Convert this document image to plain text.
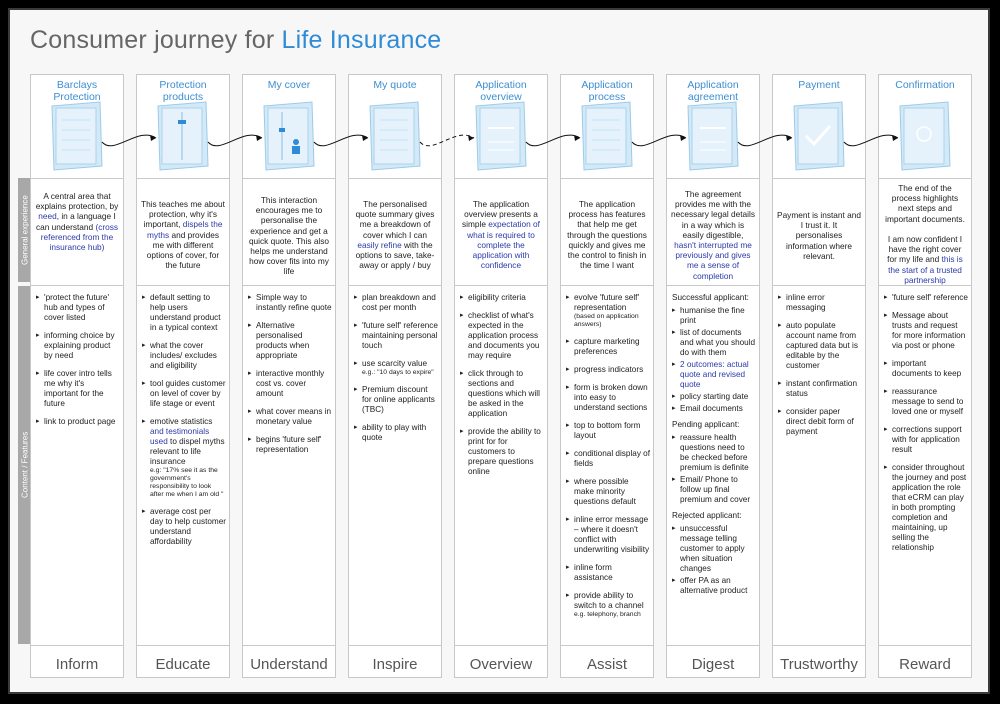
Consumer journey for Life Insurance
General experience
Content / Features
Barclays Protection
A central area that explains protection, by need, in a language I can understand (cross referenced from the insurance hub)
▸ 'protect the future' hub and types of cover listed
▸ informing choice by explaining product by need
▸ life cover intro tells me why it's important for the future
▸ link to product page
Inform
Protection products
This teaches me about protection, why it's important, dispels the myths and provides me with different options of cover, for the future
▸ default setting to help users understand product in a typical context
▸ what the cover includes/ excludes and eligibility
▸ tool guides customer on level of cover by life stage or event
▸ emotive statistics and testimonials used to dispel myths relevant to life insurance
e.g: "17% see it as the government's responsibility to look after me when I am old "
▸ average cost per day to help customer understand affordability
Educate
My cover
This interaction encourages me to personalise the experience and get a quick quote. This also helps me understand how cover fits into my life
▸ Simple way to instantly refine quote
▸ Alternative personalised products when appropriate
▸ interactive monthly cost vs. cover amount
▸ what cover means in monetary value
▸ begins 'future self' representation
Understand
My quote
The personalised quote summary gives me a breakdown of cover which I can easily refine with the options to save, take-away or apply / buy
▸ plan breakdown and cost per month
▸ 'future self' reference maintaining personal touch
▸ use scarcity value
e.g.: "10 days to expire"
▸ Premium discount for online applicants (TBC)
▸ ability to play with quote
Inspire
Application overview
The application overview presents a simple expectation of what is required to complete the application with confidence
▸ eligibility criteria
▸ checklist of what's expected in the application process and documents you may require
▸ click through to sections and questions which will be asked in the application
▸ provide the ability to print for for customers to prepare questions online
Overview
Application process
The application process has features that help me get through the questions quickly and gives me the control to finish in the time I want
▸ evolve 'future self' representation
(based on application answers)
▸ capture marketing preferences
▸ progress indicators
▸ form is broken down into easy to understand sections
▸ top to bottom form layout
▸ conditional display of fields
▸ where possible make minority questions default
▸ inline error message – where it doesn't conflict with underwriting visibility
▸ inline form assistance
▸ provide ability to switch to a channel
e.g. telephony, branch
Assist
Application agreement
The agreement provides me with the necessary legal details in a way which is easily digestible, hasn't interrupted me previously and gives me a sense of completion
Successful applicant:
▸ humanise the fine print
▸ list of documents and what you should do with them
▸ 2 outcomes: actual quote and revised quote
▸ policy starting date
▸ Email documents
Pending applicant:
▸ reassure health questions need to be checked before premium is definite
▸ Email/ Phone to follow up final premium and cover
Rejected applicant:
▸ unsuccessful message telling customer to apply when situation changes
▸ offer PA as an alternative product
Digest
Payment
Payment is instant and I trust it. It personalises information where relevant.
▸ inline error messaging
▸ auto populate account name from captured data but is editable by the customer
▸ instant confirmation status
▸ consider paper direct debit form of payment
Trustworthy
Confirmation
The end of the process highlights next steps and important documents.

I am now confident I have the right cover for my life and this is the start of a trusted partnership
▸ 'future self' reference
▸ Message about trusts and request for more information via post or phone
▸ important documents to keep
▸ reassurance message to send to loved one or myself
▸ corrections support with for application result
▸ consider throughout the journey and post application the role that eCRM can play in both prompting completion and maintaining, up selling the relationship
Reward
